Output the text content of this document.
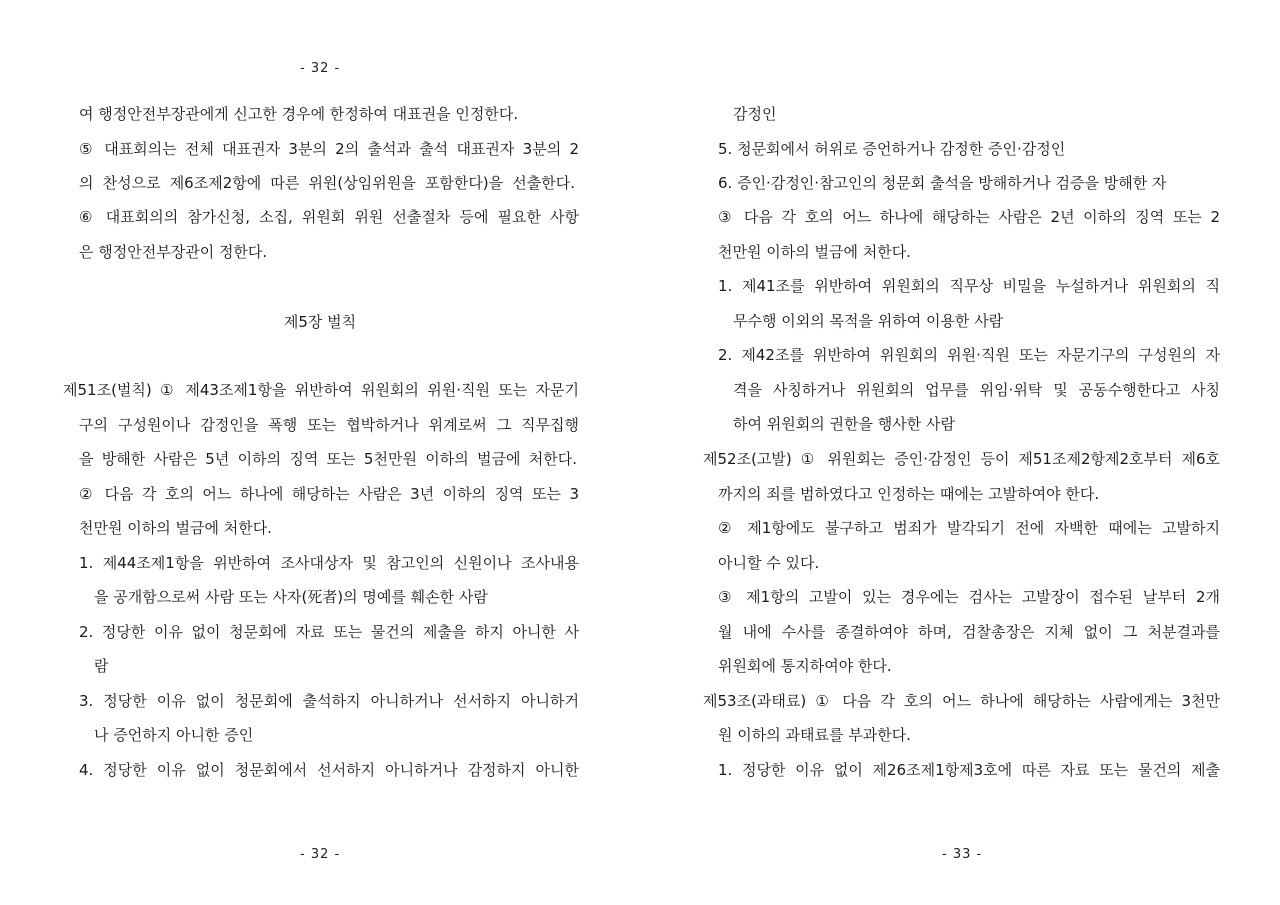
- 32 -
여 행정안전부장관에게 신고한 경우에 한정하여 대표권을 인정한다.
⑤ 대표회의는 전체 대표권자 3분의 2의 출석과 출석 대표권자 3분의 2
의 찬성으로 제6조제2항에 따른 위원(상임위원을 포함한다)을 선출한다.
⑥ 대표회의의 참가신청, 소집, 위원회 위원 선출절차 등에 필요한 사항
은 행정안전부장관이 정한다.
제5장 벌칙
제51조(벌칙) ① 제43조제1항을 위반하여 위원회의 위원·직원 또는 자문기
구의 구성원이나 감정인을 폭행 또는 협박하거나 위계로써 그 직무집행
을 방해한 사람은 5년 이하의 징역 또는 5천만원 이하의 벌금에 처한다.
② 다음 각 호의 어느 하나에 해당하는 사람은 3년 이하의 징역 또는 3
천만원 이하의 벌금에 처한다.
1. 제44조제1항을 위반하여 조사대상자 및 참고인의 신원이나 조사내용
을 공개함으로써 사람 또는 사자(死者)의 명예를 훼손한 사람
2. 정당한 이유 없이 청문회에 자료 또는 물건의 제출을 하지 아니한 사
람
3. 정당한 이유 없이 청문회에 출석하지 아니하거나 선서하지 아니하거
나 증언하지 아니한 증인
4. 정당한 이유 없이 청문회에서 선서하지 아니하거나 감정하지 아니한
- 32 -
감정인
5. 청문회에서 허위로 증언하거나 감정한 증인·감정인
6. 증인·감정인·참고인의 청문회 출석을 방해하거나 검증을 방해한 자
③ 다음 각 호의 어느 하나에 해당하는 사람은 2년 이하의 징역 또는 2
천만원 이하의 벌금에 처한다.
1. 제41조를 위반하여 위원회의 직무상 비밀을 누설하거나 위원회의 직
무수행 이외의 목적을 위하여 이용한 사람
2. 제42조를 위반하여 위원회의 위원·직원 또는 자문기구의 구성원의 자
격을 사칭하거나 위원회의 업무를 위임·위탁 및 공동수행한다고 사칭
하여 위원회의 권한을 행사한 사람
제52조(고발) ① 위원회는 증인·감정인 등이 제51조제2항제2호부터 제6호
까지의 죄를 범하였다고 인정하는 때에는 고발하여야 한다.
② 제1항에도 불구하고 범죄가 발각되기 전에 자백한 때에는 고발하지
아니할 수 있다.
③ 제1항의 고발이 있는 경우에는 검사는 고발장이 접수된 날부터 2개
월 내에 수사를 종결하여야 하며, 검찰총장은 지체 없이 그 처분결과를
위원회에 통지하여야 한다.
제53조(과태료) ① 다음 각 호의 어느 하나에 해당하는 사람에게는 3천만
원 이하의 과태료를 부과한다.
1. 정당한 이유 없이 제26조제1항제3호에 따른 자료 또는 물건의 제출
- 33 -
